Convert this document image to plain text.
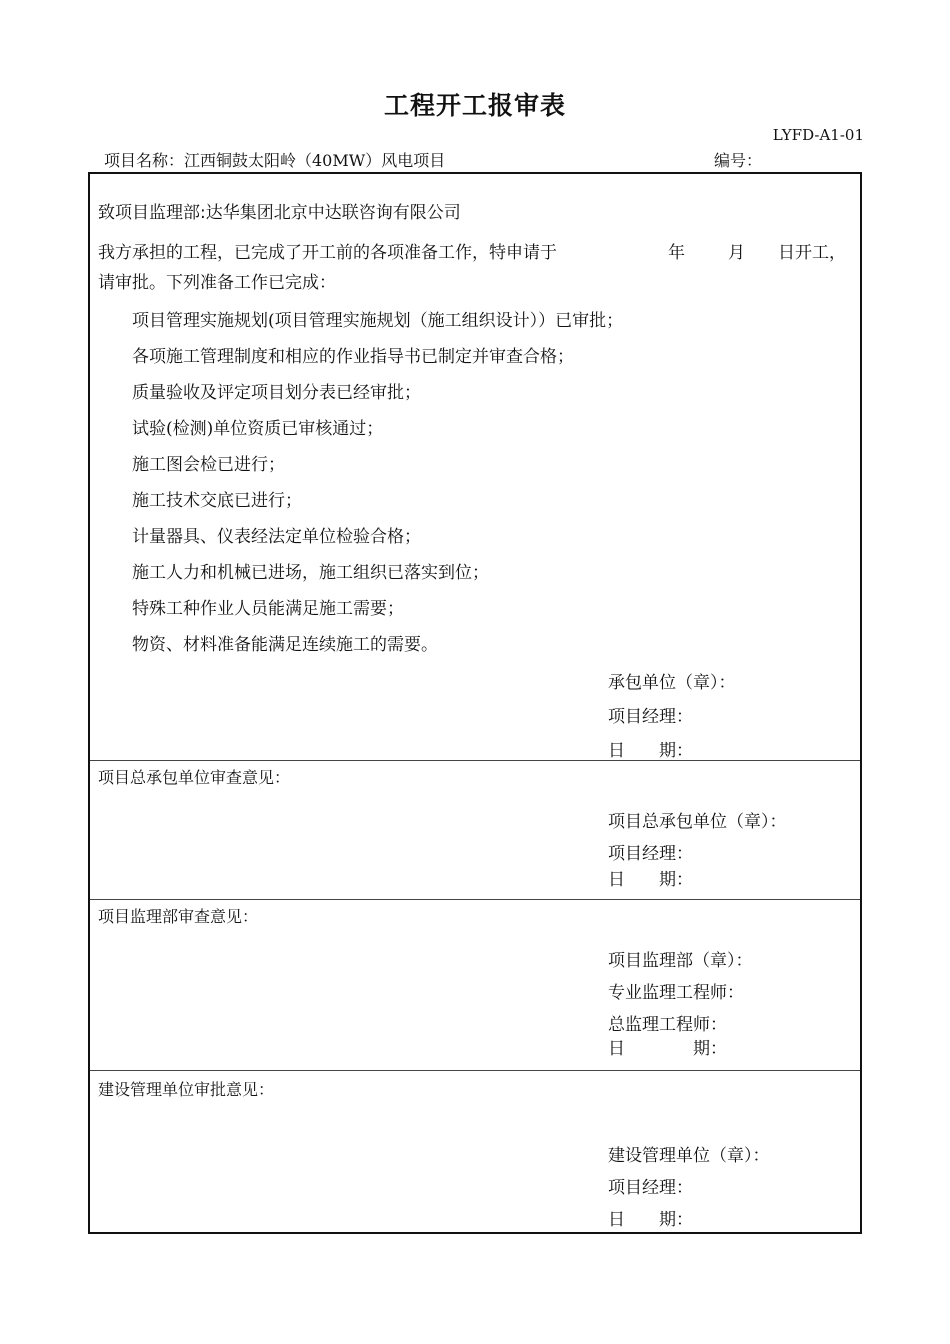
工程开工报审表
LYFD-A1-01
项目名称：江西铜鼓太阳岭（40MW）风电项目	编号：
致项目监理部:达华集团北京中达联咨询有限公司
我方承担的工程，已完成了开工前的各项准备工作，特申请于	年	月 日开工，
请审批。下列准备工作已完成：
项目管理实施规划(项目管理实施规划（施工组织设计））已审批；
各项施工管理制度和相应的作业指导书已制定并审查合格；
质量验收及评定项目划分表已经审批；
试验(检测)单位资质已审核通过；
施工图会检已进行；
施工技术交底已进行；
计量器具、仪表经法定单位检验合格；
施工人力和机械已进场，施工组织已落实到位；
特殊工种作业人员能满足施工需要；
物资、材料准备能满足连续施工的需要。
承包单位（章）：
项目经理：
日　　期：
项目总承包单位审查意见：
项目总承包单位（章）：
项目经理：
日　　期：
项目监理部审查意见：
项目监理部（章）：
专业监理工程师：
总监理工程师：
日　　　　期：
建设管理单位审批意见：
建设管理单位（章）：
项目经理：
日　　期：
